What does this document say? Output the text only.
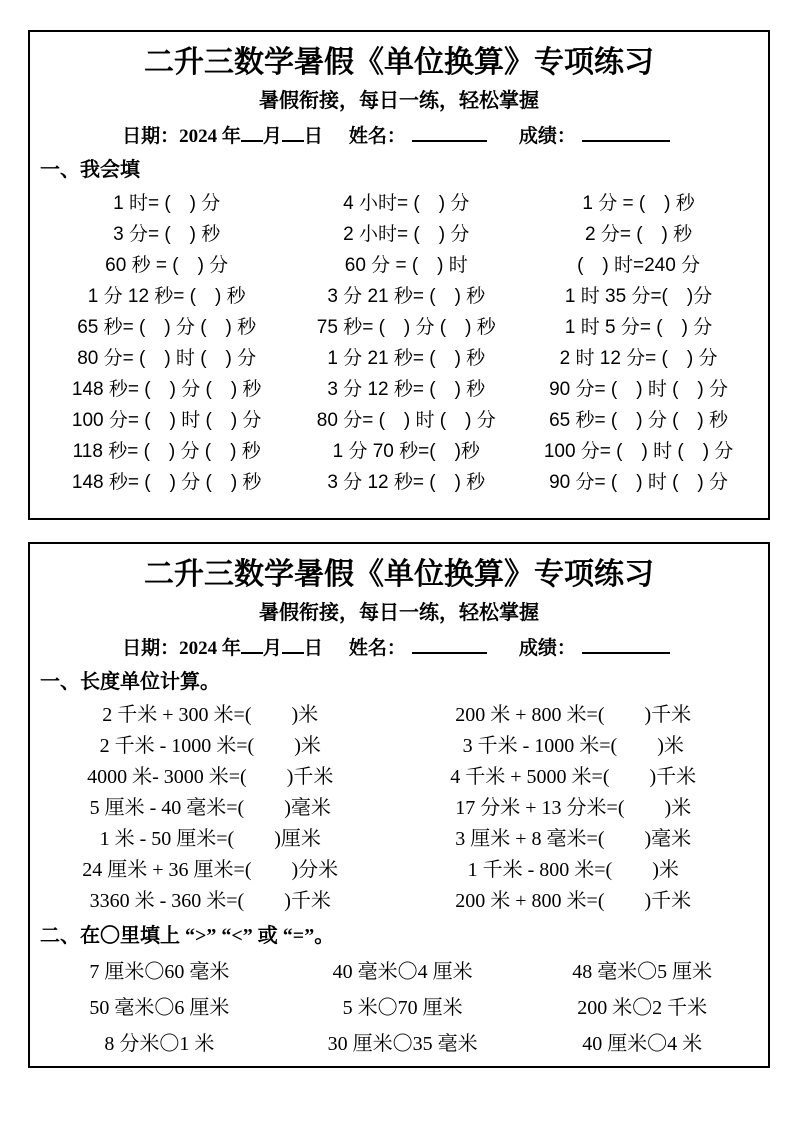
二升三数学暑假《单位换算》专项练习
暑假衔接，每日一练，轻松掌握
日期：2024 年 月 日 姓名：	成绩：
一、我会填
1 时= (　) 分	4 小时= (　) 分	1 分 = (　) 秒
3 分= (　) 秒	2 小时= (　) 分	2 分= (　) 秒
60 秒 = (　) 分	60 分 = (　) 时	(　) 时=240 分
1 分 12 秒= (　) 秒	3 分 21 秒= (　) 秒	1 时 35 分=(　)分
65 秒= (　) 分 (　) 秒	75 秒= (　) 分 (　) 秒	1 时 5 分= (　) 分
80 分= (　) 时 (　) 分	1 分 21 秒= (　) 秒	2 时 12 分= (　) 分
148 秒= (　) 分 (　) 秒	3 分 12 秒= (　) 秒	90 分= (　) 时 (　) 分
100 分= (　) 时 (　) 分	80 分= (　) 时 (　) 分	65 秒= (　) 分 (　) 秒
118 秒= (　) 分 (　) 秒	1 分 70 秒=(　)秒	100 分= (　) 时 (　) 分
148 秒= (　) 分 (　) 秒	3 分 12 秒= (　) 秒	90 分= (　) 时 (　) 分
二升三数学暑假《单位换算》专项练习
暑假衔接，每日一练，轻松掌握
日期：2024 年 月 日 姓名：	成绩：
一、长度单位计算。
2 千米 + 300 米=(　　)米	200 米 + 800 米=(　　)千米
2 千米 - 1000 米=(　　)米	3 千米 - 1000 米=(　　)米
4000 米- 3000 米=(　　)千米	4 千米 + 5000 米=(　　)千米
5 厘米 - 40 毫米=(　　)毫米	17 分米 + 13 分米=(　　)米
1 米 - 50 厘米=(　　)厘米	3 厘米 + 8 毫米=(　　)毫米
24 厘米 + 36 厘米=(　　)分米	1 千米 - 800 米=(　　)米
3360 米 - 360 米=(　　)千米	200 米 + 800 米=(　　)千米
二、在〇里填上 “>” “<” 或 “=”。
7 厘米〇60 毫米	40 毫米〇4 厘米	48 毫米〇5 厘米
50 毫米〇6 厘米	5 米〇70 厘米	200 米〇2 千米
8 分米〇1 米	30 厘米〇35 毫米	40 厘米〇4 米
